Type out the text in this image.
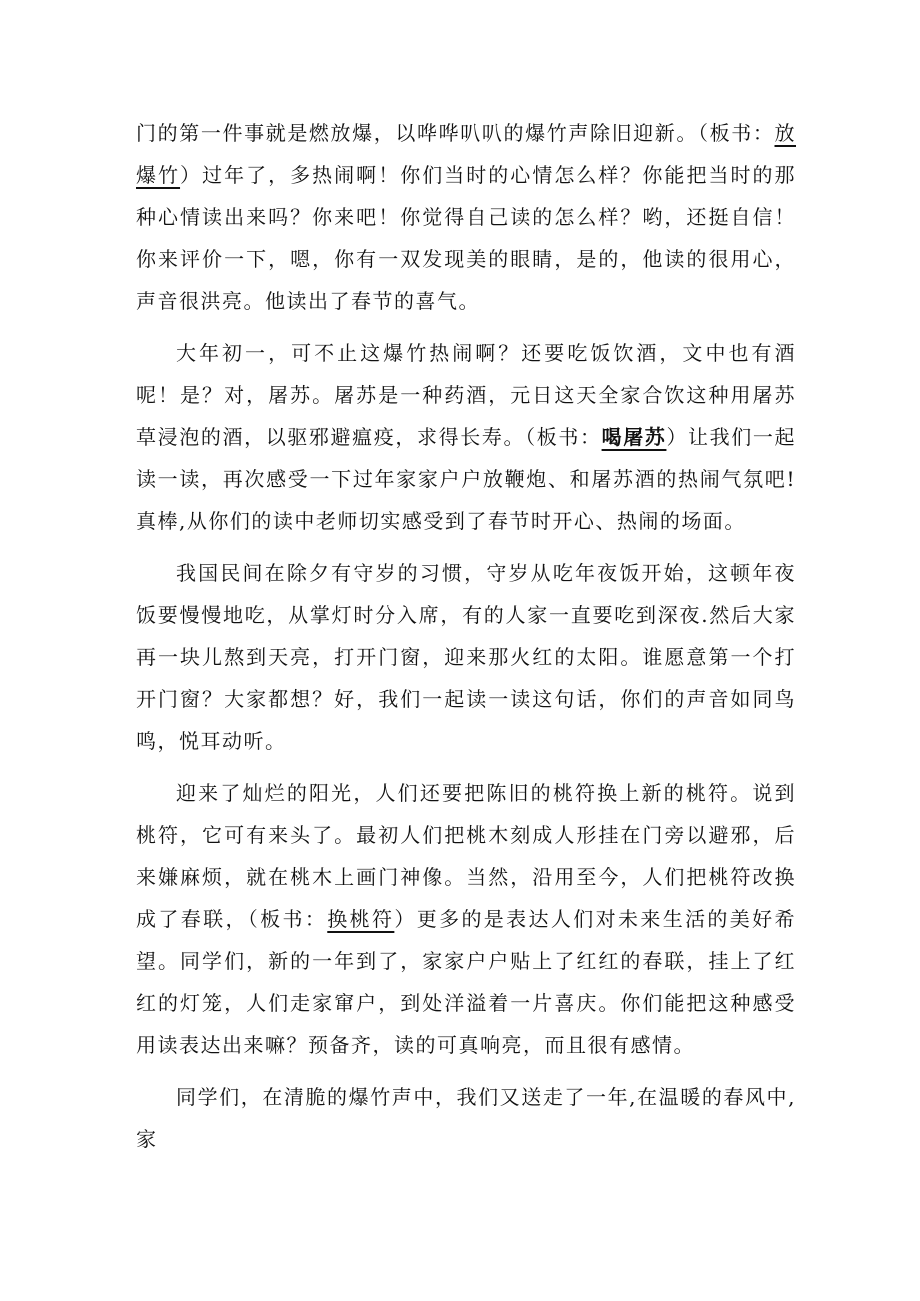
门的第一件事就是燃放爆，以哗哗叭叭的爆竹声除旧迎新。（板书：放爆竹）过年了，多热闹啊！你们当时的心情怎么样？你能把当时的那种心情读出来吗？你来吧！你觉得自己读的怎么样？哟，还挺自信！你来评价一下，嗯，你有一双发现美的眼睛，是的，他读的很用心，声音很洪亮。他读出了春节的喜气。

大年初一，可不止这爆竹热闹啊？还要吃饭饮酒，文中也有酒呢！是？对，屠苏。屠苏是一种药酒，元日这天全家合饮这种用屠苏草浸泡的酒，以驱邪避瘟疫，求得长寿。（板书：喝屠苏）让我们一起读一读，再次感受一下过年家家户户放鞭炮、和屠苏酒的热闹气氛吧!真棒,从你们的读中老师切实感受到了春节时开心、热闹的场面。

我国民间在除夕有守岁的习惯，守岁从吃年夜饭开始，这顿年夜饭要慢慢地吃，从掌灯时分入席，有的人家一直要吃到深夜.然后大家再一块儿熬到天亮，打开门窗，迎来那火红的太阳。谁愿意第一个打开门窗？大家都想？好，我们一起读一读这句话，你们的声音如同鸟鸣，悦耳动听。

迎来了灿烂的阳光，人们还要把陈旧的桃符换上新的桃符。说到桃符，它可有来头了。最初人们把桃木刻成人形挂在门旁以避邪，后来嫌麻烦，就在桃木上画门神像。当然，沿用至今，人们把桃符改换成了春联，（板书：换桃符）更多的是表达人们对未来生活的美好希望。同学们，新的一年到了，家家户户贴上了红红的春联，挂上了红红的灯笼，人们走家窜户，到处洋溢着一片喜庆。你们能把这种感受用读表达出来嘛？预备齐，读的可真响亮，而且很有感情。

同学们，在清脆的爆竹声中，我们又送走了一年,在温暖的春风中,家
